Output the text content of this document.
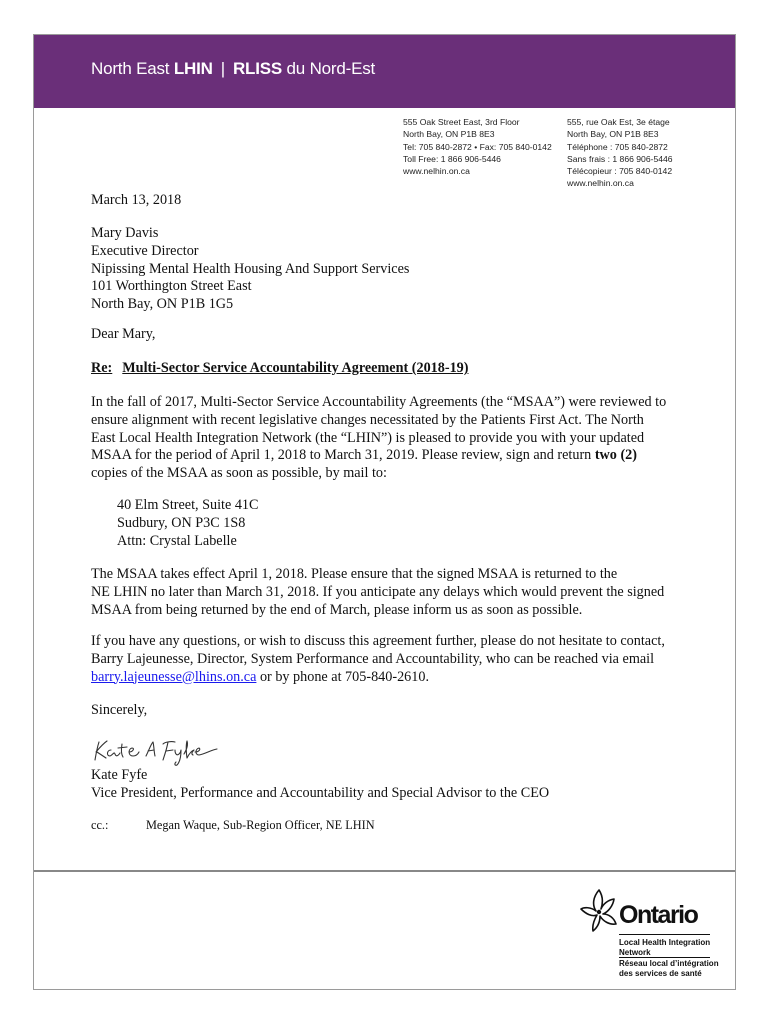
North East LHIN | RLISS du Nord-Est
555 Oak Street East, 3rd Floor
North Bay, ON P1B 8E3
Tel: 705 840-2872 • Fax: 705 840-0142
Toll Free: 1 866 906-5446
www.nelhin.on.ca
555, rue Oak Est, 3e étage
North Bay, ON P1B 8E3
Téléphone : 705 840-2872
Sans frais : 1 866 906-5446
Télécopieur : 705 840-0142
www.nelhin.on.ca
March 13, 2018
Mary Davis
Executive Director
Nipissing Mental Health Housing And Support Services
101 Worthington Street East
North Bay, ON P1B 1G5
Dear Mary,
Re: Multi-Sector Service Accountability Agreement (2018-19)
In the fall of 2017, Multi-Sector Service Accountability Agreements (the “MSAA”) were reviewed to
ensure alignment with recent legislative changes necessitated by the Patients First Act. The North
East Local Health Integration Network (the “LHIN”) is pleased to provide you with your updated
MSAA for the period of April 1, 2018 to March 31, 2019. Please review, sign and return two (2)
copies of the MSAA as soon as possible, by mail to:
40 Elm Street, Suite 41C
Sudbury, ON P3C 1S8
Attn: Crystal Labelle
The MSAA takes effect April 1, 2018. Please ensure that the signed MSAA is returned to the
NE LHIN no later than March 31, 2018. If you anticipate any delays which would prevent the signed
MSAA from being returned by the end of March, please inform us as soon as possible.
If you have any questions, or wish to discuss this agreement further, please do not hesitate to contact,
Barry Lajeunesse, Director, System Performance and Accountability, who can be reached via email
barry.lajeunesse@lhins.on.ca or by phone at 705-840-2610.
Sincerely,
Kate Fyfe
Vice President, Performance and Accountability and Special Advisor to the CEO
cc.:	Megan Waque, Sub-Region Officer, NE LHIN
Ontario
Local Health Integration
Network
Réseau local d’intégration
des services de santé
